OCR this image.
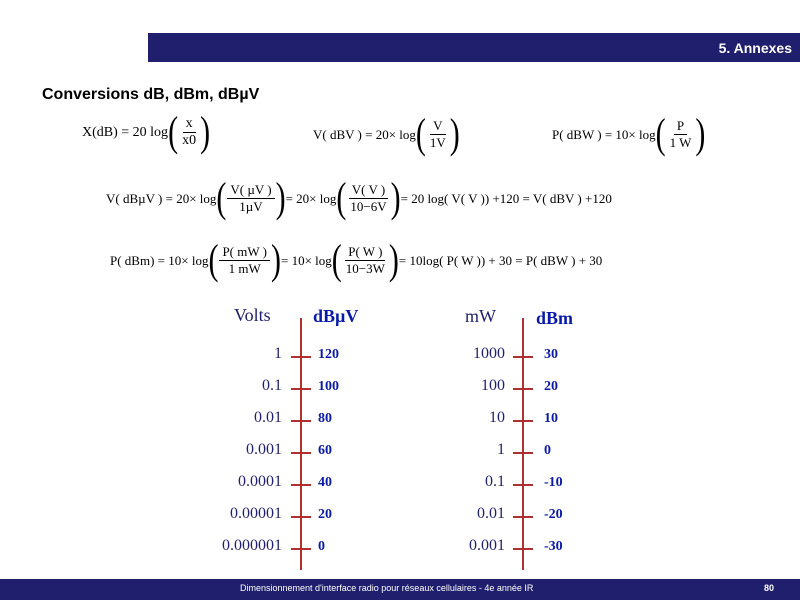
5. Annexes
Conversions dB, dBm, dBµV
X(dB) = 20 log ( $\frac{x}{x0}$ )	V( dBV ) = 20× log ( $\frac{V}{1V}$ )	P( dBW ) = 10× log ( $\frac{P}{1 W}$ )
V( dBµV ) = 20× log ( $\frac{\text{V( µV )}}{\text{1µV}}$ ) = 20× log ( $\frac{V( V )}{10-6V}$ ) = 20 log( V( V )) +120 = V( dBV ) +120
P( dBm) = 10× log ( $\frac{P( mW )}{1 mW}$ ) = 10× log ( $\frac{P( W )}{10-3W}$ ) = 10log( P( W )) + 30 = P( dBW ) + 30
Volts dBµV
1	120
0.1	100
0.01	80
0.001	60
0.0001	40
0.00001	20
0.000001	0
mW dBm
1000	30
100	20
10	10
1	0
0.1	-10
0.01	-20
0.001	-30
Dimensionnement d'interface radio pour réseaux cellulaires - 4e année IR	80
